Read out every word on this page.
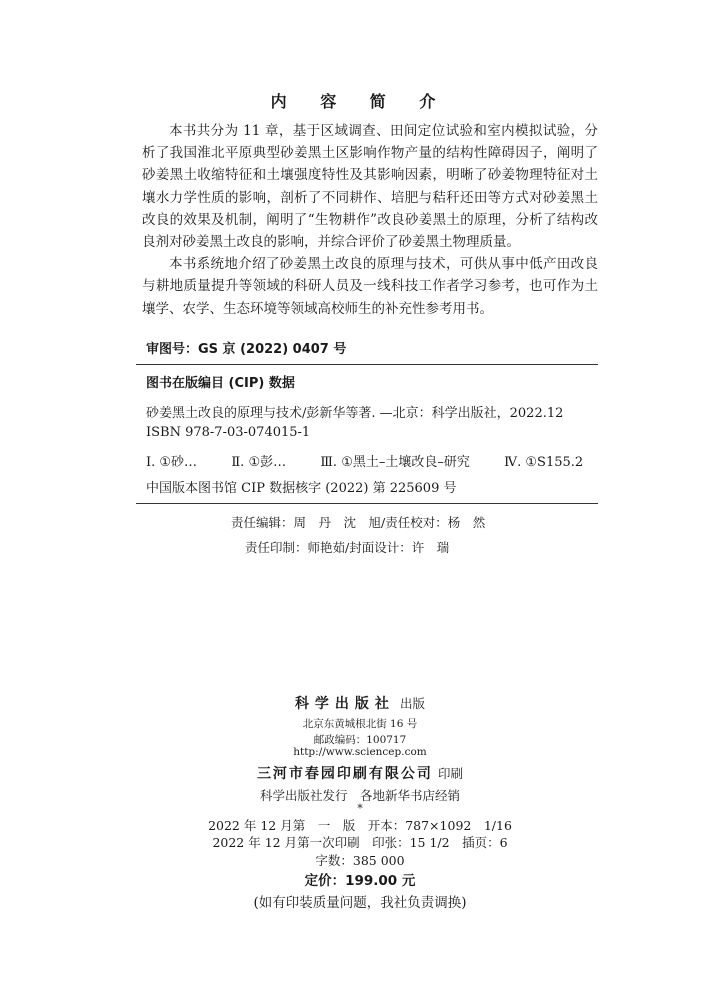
内 容 简 介

本书共分为 11 章，基于区域调查、田间定位试验和室内模拟试验，分析了我国淮北平原典型砂姜黑土区影响作物产量的结构性障碍因子，阐明了砂姜黑土收缩特征和土壤强度特性及其影响因素，明晰了砂姜物理特征对土壤水力学性质的影响，剖析了不同耕作、培肥与秸秆还田等方式对砂姜黑土改良的效果及机制，阐明了“生物耕作”改良砂姜黑土的原理，分析了结构改良剂对砂姜黑土改良的影响，并综合评价了砂姜黑土物理质量。

本书系统地介绍了砂姜黑土改良的原理与技术，可供从事中低产田改良与耕地质量提升等领域的科研人员及一线科技工作者学习参考，也可作为土壤学、农学、生态环境等领域高校师生的补充性参考用书。

审图号：GS 京 (2022) 0407 号
图书在版编目 (CIP) 数据
砂姜黑土改良的原理与技术/彭新华等著. —北京：科学出版社，2022.12
ISBN 978-7-03-074015-1
Ⅰ. ①砂…	Ⅱ. ①彭…	Ⅲ. ①黑土–土壤改良–研究	Ⅳ. ①S155.2
中国版本图书馆 CIP 数据核字 (2022) 第 225609 号
责任编辑：周　丹　沈　旭/责任校对：杨　然
责任印制：师艳茹/封面设计：许　瑞
科学出版社 出版
北京东黄城根北街 16 号
邮政编码：100717
http://www.sciencep.com
三河市春园印刷有限公司 印刷
科学出版社发行　各地新华书店经销
*
2022 年 12 月第　一　版　开本：787×1092　1/16
2022 年 12 月第一次印刷　印张：15 1/2　插页：6
字数：385 000
定价：199.00 元
(如有印装质量问题，我社负责调换)
